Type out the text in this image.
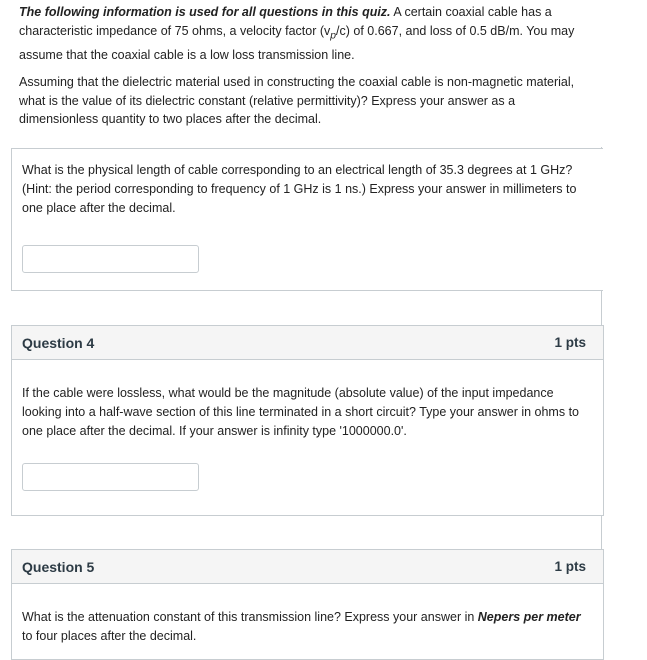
The following information is used for all questions in this quiz. A certain coaxial cable has a characteristic impedance of 75 ohms, a velocity factor $(v_p/c)$ of 0.667, and loss of 0.5 dB/m. You may assume that the coaxial cable is a low loss transmission line.

Assuming that the dielectric material used in constructing the coaxial cable is non-magnetic material, what is the value of its dielectric constant (relative permittivity)? Express your answer as a dimensionless quantity to two places after the decimal.

What is the physical length of cable corresponding to an electrical length of 35.3 degrees at 1 GHz? (Hint: the period corresponding to frequency of 1 GHz is 1 ns.) Express your answer in millimeters to one place after the decimal.

Question 4	1 pts

If the cable were lossless, what would be the magnitude (absolute value) of the input impedance looking into a half-wave section of this line terminated in a short circuit? Type your answer in ohms to one place after the decimal. If your answer is infinity type '1000000.0'.

Question 5	1 pts

What is the attenuation constant of this transmission line? Express your answer in Nepers per meter to four places after the decimal.
